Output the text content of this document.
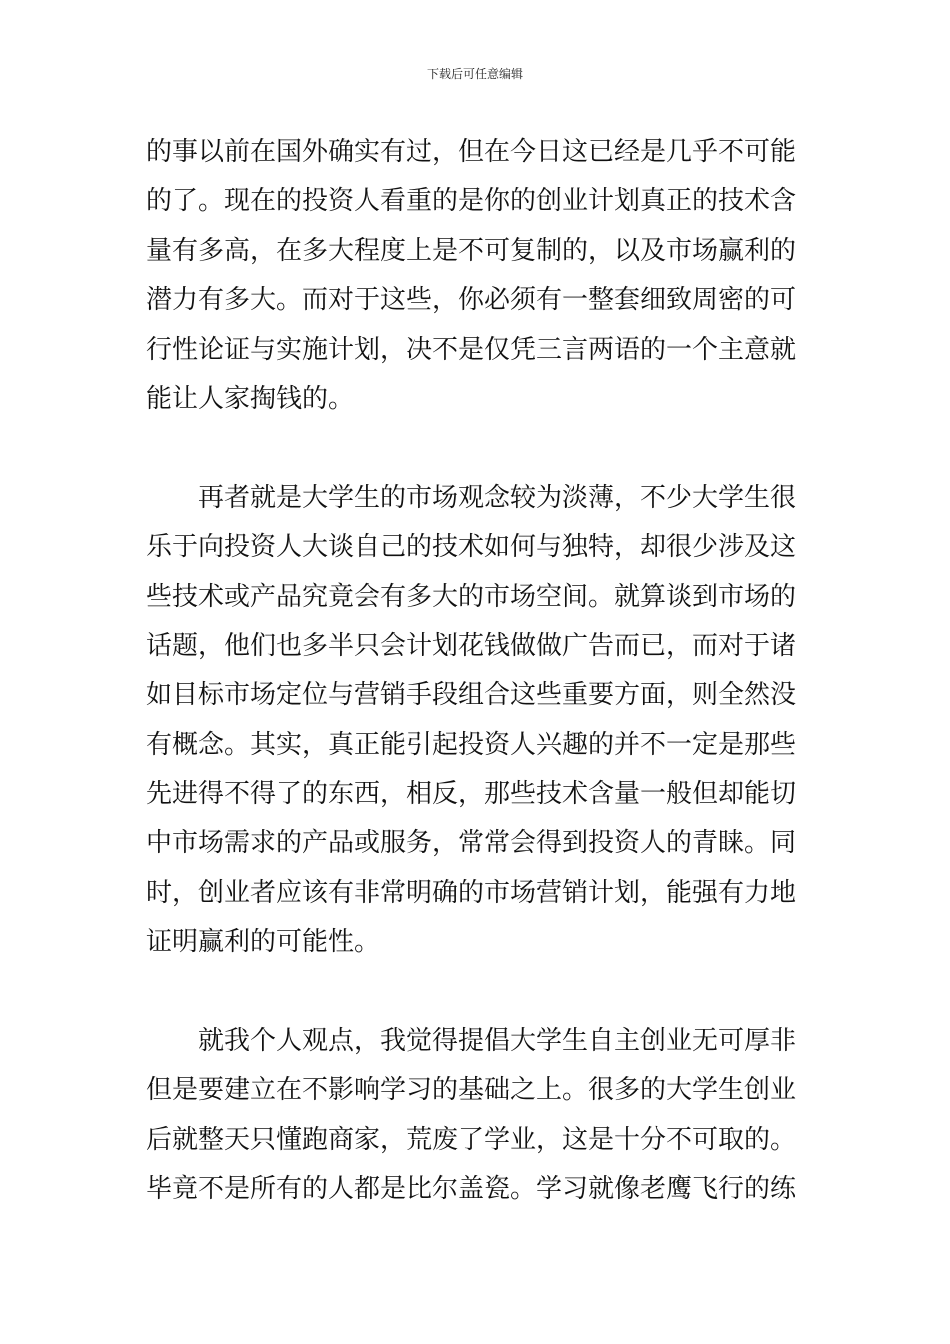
下载后可任意编辑
的事以前在国外确实有过，但在今日这已经是几乎不可能
的了。现在的投资人看重的是你的创业计划真正的技术含
量有多高，在多大程度上是不可复制的，以及市场赢利的
潜力有多大。而对于这些，你必须有一整套细致周密的可
行性论证与实施计划，决不是仅凭三言两语的一个主意就
能让人家掏钱的。
再者就是大学生的市场观念较为淡薄，不少大学生很
乐于向投资人大谈自己的技术如何与独特，却很少涉及这
些技术或产品究竟会有多大的市场空间。就算谈到市场的
话题，他们也多半只会计划花钱做做广告而已，而对于诸
如目标市场定位与营销手段组合这些重要方面，则全然没
有概念。其实，真正能引起投资人兴趣的并不一定是那些
先进得不得了的东西，相反，那些技术含量一般但却能切
中市场需求的产品或服务，常常会得到投资人的青睐。同
时，创业者应该有非常明确的市场营销计划，能强有力地
证明赢利的可能性。
就我个人观点，我觉得提倡大学生自主创业无可厚非
但是要建立在不影响学习的基础之上。很多的大学生创业
后就整天只懂跑商家，荒废了学业，这是十分不可取的。
毕竟不是所有的人都是比尔盖瓷。学习就像老鹰飞行的练
